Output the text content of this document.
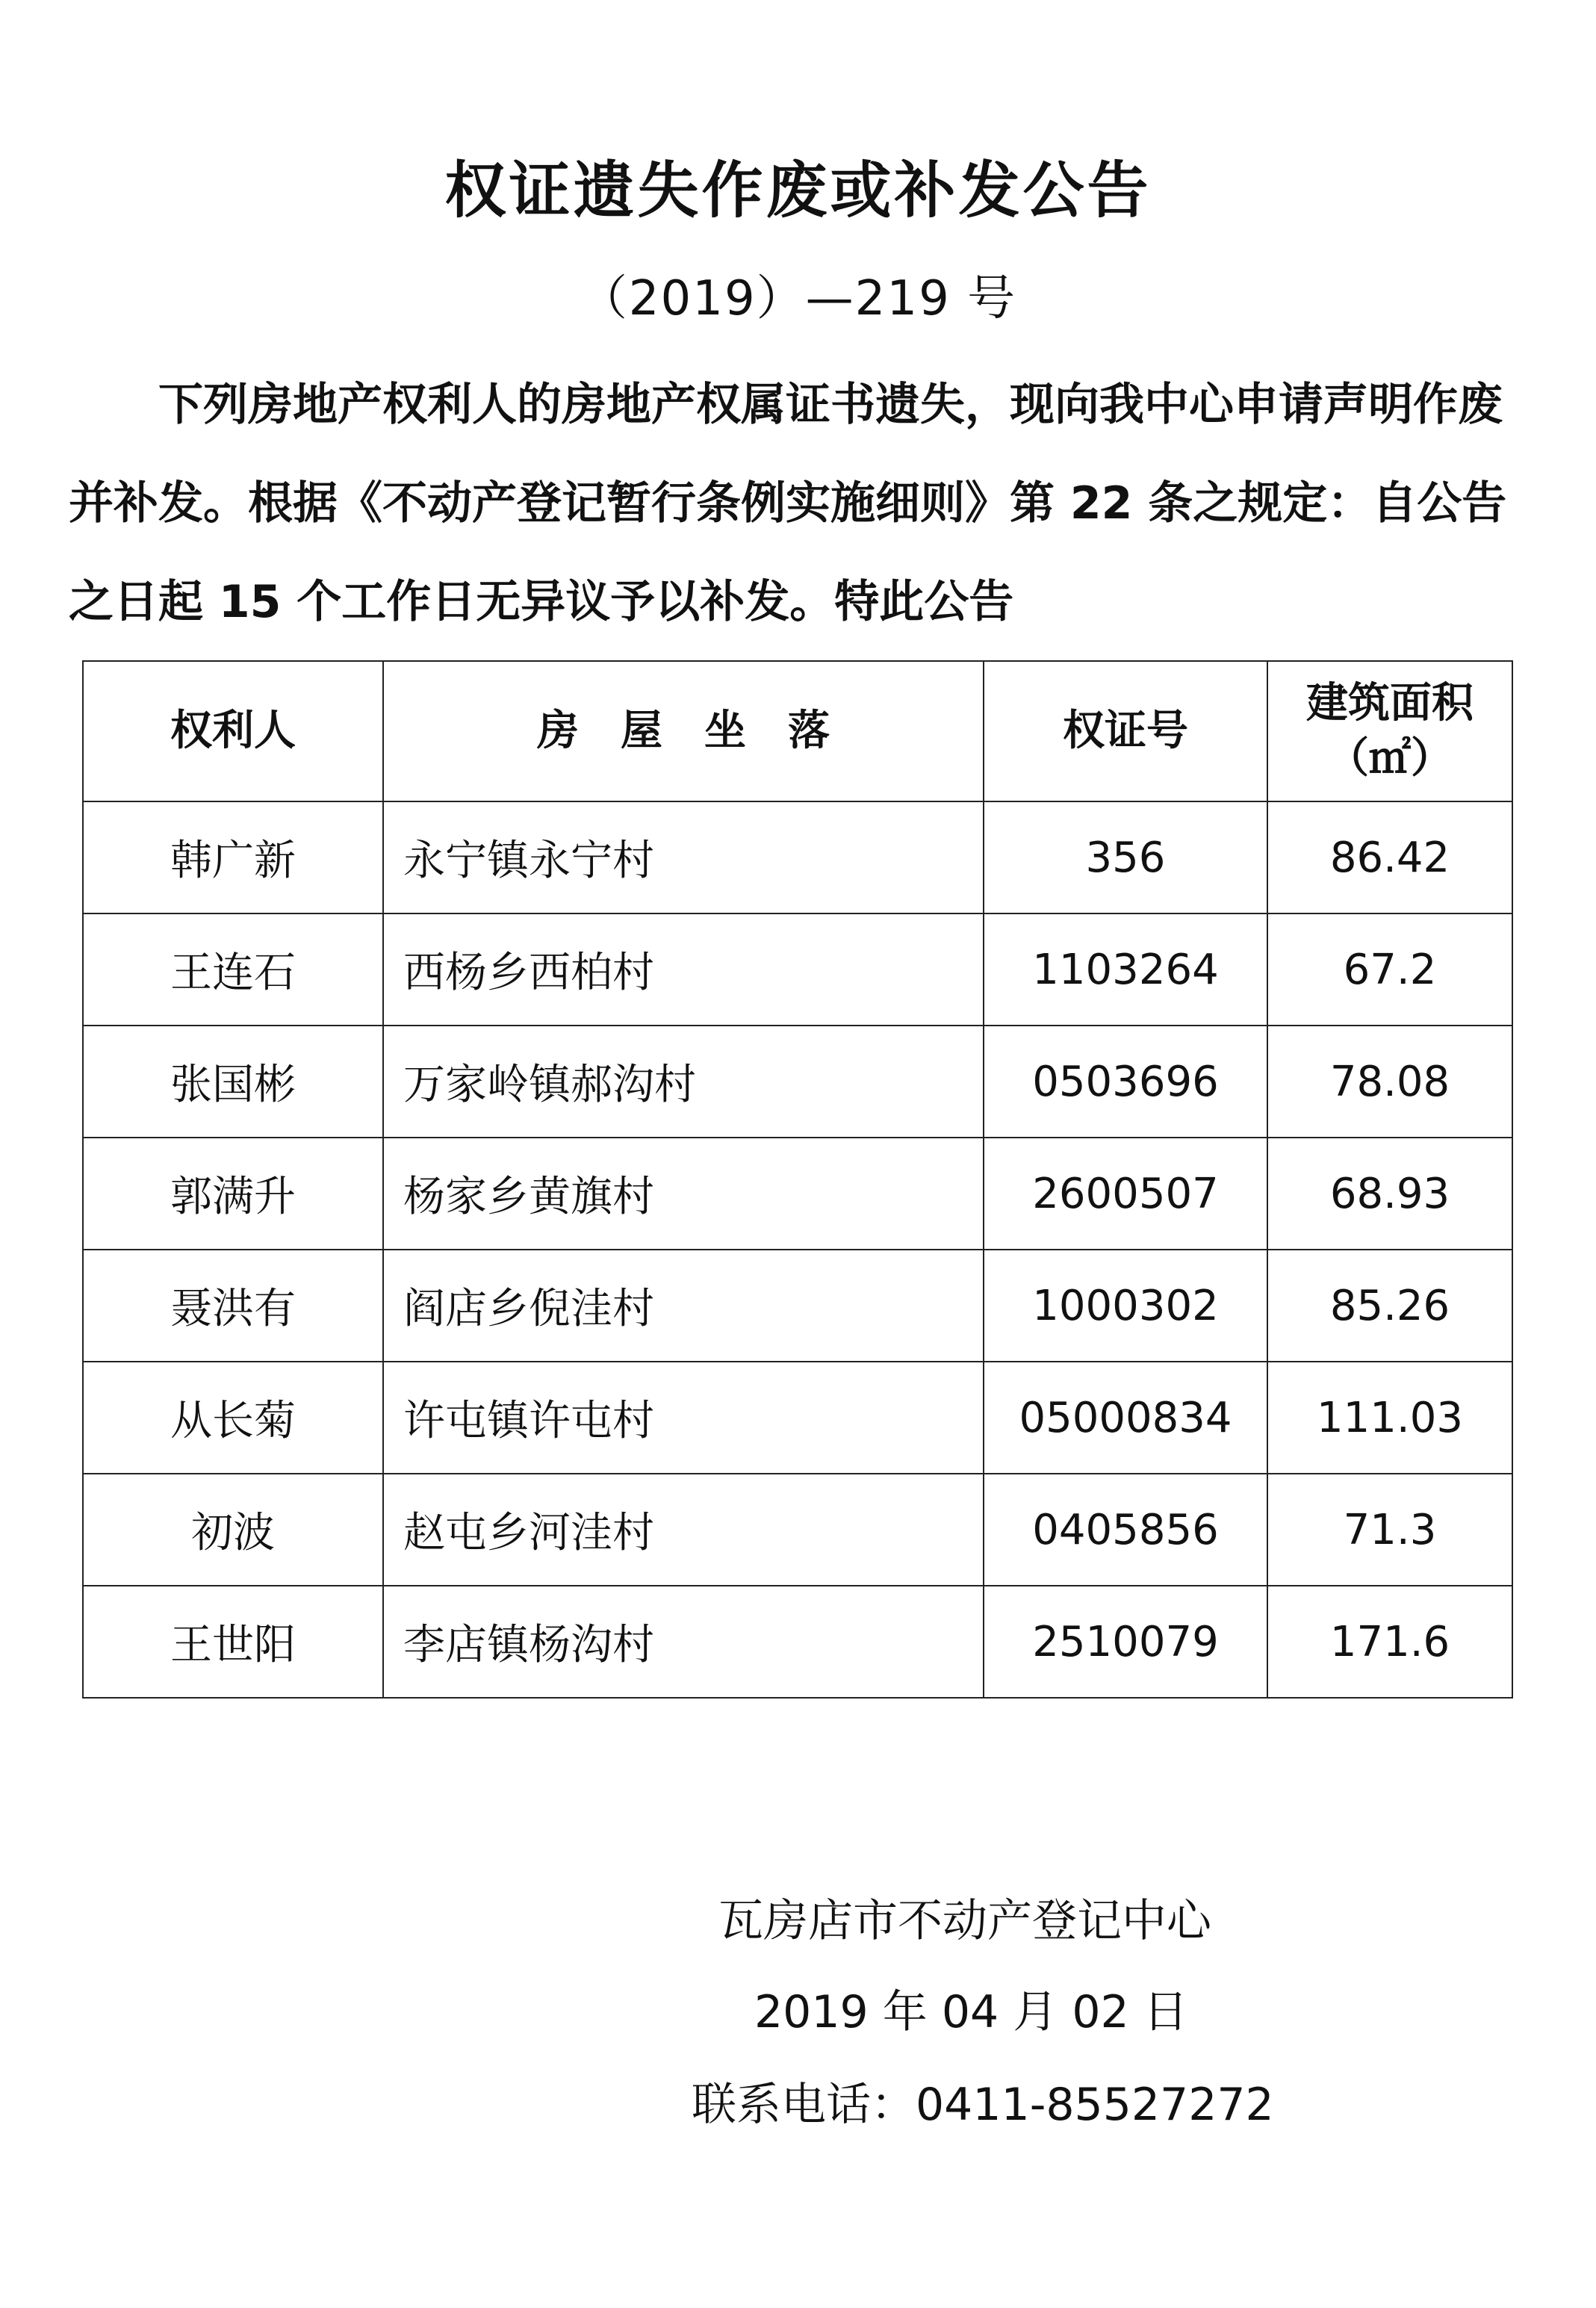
权证遗失作废或补发公告
（2019）—219 号

下列房地产权利人的房地产权属证书遗失，现向我中心申请声明作废并补发。根据《不动产登记暂行条例实施细则》第 22 条之规定：自公告之日起 15 个工作日无异议予以补发。特此公告

权利人	房　屋　坐　落	权证号	建筑面积
（㎡）

韩广新	永宁镇永宁村	356	86.42
王连石	西杨乡西柏村	1103264	67.2
张国彬	万家岭镇郝沟村	0503696	78.08
郭满升	杨家乡黄旗村	2600507	68.93
聂洪有	阎店乡倪洼村	1000302	85.26
从长菊	许屯镇许屯村	05000834	111.03
初波	赵屯乡河洼村	0405856	71.3
王世阳	李店镇杨沟村	2510079	171.6
瓦房店市不动产登记中心
2019 年 04 月 02 日
联系电话：0411-85527272
